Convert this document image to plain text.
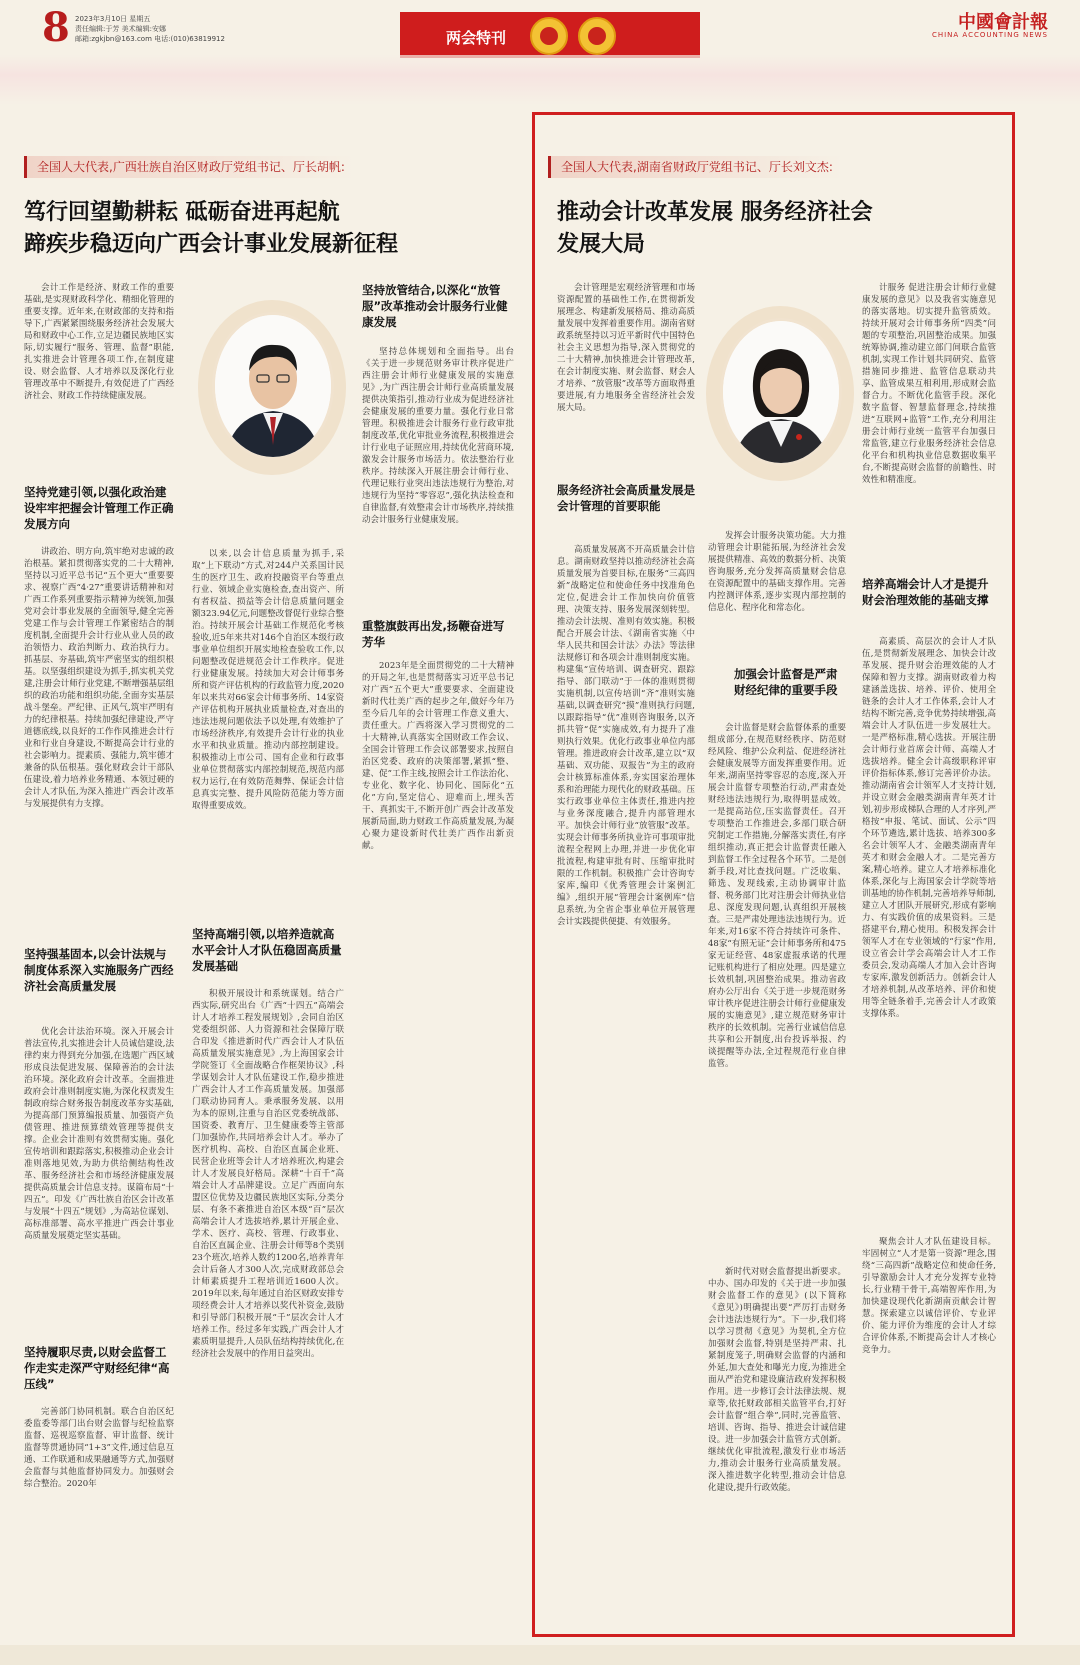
8 2023年3月10日 星期五
责任编辑:于芳 美术编辑:安娜
邮箱:zgkjbn@163.com 电话:(010)63819912	两会特刊
中國會計報
CHINA ACCOUNTING NEWS
全国人大代表,广西壮族自治区财政厅党组书记、厅长胡帆:
笃行回望勤耕耘 砥砺奋进再起航
蹄疾步稳迈向广西会计事业发展新征程
会计工作是经济、财政工作的重要基础,是实现财政科学化、精细化管理的重要支撑。近年来,在财政部的支持和指导下,广西紧紧围绕服务经济社会发展大局和财政中心工作,立足边疆民族地区实际,切实履行“服务、管理、监督”职能,扎实推进会计管理各项工作,在制度建设、财会监督、人才培养以及深化行业管理改革中不断提升,有效促进了广西经济社会、财政工作持续健康发展。
坚持党建引领,以强化政治建设牢牢把握会计管理工作正确发展方向
讲政治、明方向,筑牢绝对忠诚的政治根基。紧扣贯彻落实党的二十大精神,坚持以习近平总书记“五个更大”重要要求、视察广西“4·27”重要讲话精神和对广西工作系列重要指示精神为统领,加强党对会计事业发展的全面领导,健全完善党建工作与会计管理工作紧密结合的制度机制,全面提升会计行业从业人员的政治领悟力、政治判断力、政治执行力。抓基层、夯基础,筑牢严密坚实的组织根基。以坚强组织建设为抓手,抓实机关党建,注册会计师行业党建,不断增强基层组织的政治功能和组织功能,全面夯实基层战斗堡垒。严纪律、正风气,筑牢严明有力的纪律根基。持续加强纪律建设,严守道德底线,以良好的工作作风推进会计行业和行业自身建设,不断提高会计行业的社会影响力。提素质、强能力,筑牢德才兼备的队伍根基。强化财政会计干部队伍建设,着力培养业务精通、本领过硬的会计人才队伍,为深入推进广西会计改革与发展提供有力支撑。
坚持强基固本,以会计法规与制度体系深入实施服务广西经济社会高质量发展
优化会计法治环境。深入开展会计普法宣传,扎实推进会计人员诚信建设,法律约束力得到充分加强,在选题广西区域形成良法促进发展、保障善治的会计法治环境。深化政府会计改革。全面推进政府会计准则制度实施,为深化权责发生制政府综合财务报告制度改革夯实基础,为提高部门预算编报质量、加强资产负债管理、推进预算绩效管理等提供支撑。企业会计准则有效贯彻实施。强化宣传培训和跟踪落实,积极推动企业会计准则落地见效,为助力供给侧结构性改革、服务经济社会和市场经济健康发展提供高质量会计信息支持。谋篇布局“十四五”。印发《广西壮族自治区会计改革与发展“十四五”规划》,为高站位谋划、高标准部署、高水平推进广西会计事业高质量发展奠定坚实基础。
坚持履职尽责,以财会监督工作走实走深严守财经纪律“高压线”
完善部门协同机制。联合自治区纪委监委等部门出台财会监督与纪检监察监督、巡视巡察监督、审计监督、统计监督等贯通协同“1+3”文件,通过信息互通、工作联通和成果融通等方式,加强财会监督与其他监督协同发力。加强财会综合整治。2020年
以来,以会计信息质量为抓手,采取“上下联动”方式,对244户关系国计民生的医疗卫生、政府投融资平台等重点行业、领域企业实施检查,查出资产、所有者权益、损益等会计信息质量问题金额323.94亿元,问题整改督促行业综合整治。持续开展会计基础工作规范化考核验收,近5年来共对146个自治区本级行政事业单位组织开展实地检查验收工作,以问题整改促进规范会计工作秩序。促进行业健康发展。持续加大对会计师事务所和资产评估机构的行政监管力度,2020年以来共对66家会计师事务所、14家资产评估机构开展执业质量检查,对查出的违法违规问题依法予以处理,有效维护了市场经济秩序,有效提升会计行业的执业水平和执业质量。推动内部控制建设。积极推动上市公司、国有企业和行政事业单位贯彻落实内部控制规范,规范内部权力运行,在有效防范舞弊、保证会计信息真实完整、提升风险防范能力等方面取得重要成效。
坚持高端引领,以培养造就高水平会计人才队伍稳固高质量发展基础
积极开展设计和系统谋划。结合广西实际,研究出台《广西“十四五”高端会计人才培养工程发展规划》,会同自治区党委组织部、人力资源和社会保障厅联合印发《推进新时代广西会计人才队伍高质量发展实施意见》,为上海国家会计学院签订《全面战略合作框架协议》,科学谋划会计人才队伍建设工作,稳步推进广西会计人才工作高质量发展。加强部门联动协同育人。秉承服务发展、以用为本的原则,注重与自治区党委统战部、国资委、教育厅、卫生健康委等主管部门加强协作,共同培养会计人才。举办了医疗机构、高校、自治区直属企业班、民营企业班等会计人才培养班次,构建会计人才发展良好格局。深耕“十百千”高端会计人才品牌建设。立足广西面向东盟区位优势及边疆民族地区实际,分类分层、有条不紊推进自治区本级“百”层次高端会计人才选拔培养,累计开展企业、学术、医疗、高校、管理、行政事业、自治区直属企业、注册会计师等8个类别23个班次,培养人数约1200名,培养青年会计后备人才300人次,完成财政部总会计师素质提升工程培训近1600人次。2019年以来,每年通过自治区财政安排专项经费会计人才培养以奖代补资金,鼓励和引导部门积极开展“千”层次会计人才培养工作。经过多年实践,广西会计人才素质明显提升,人员队伍结构持续优化,在经济社会发展中的作用日益突出。
坚持放管结合,以深化“放管服”改革推动会计服务行业健康发展
坚持总体规划和全面指导。出台《关于进一步规范财务审计秩序促进广西注册会计师行业健康发展的实施意见》,为广西注册会计师行业高质量发展提供决策指引,推动行业成为促进经济社会健康发展的重要力量。强化行业日常管理。积极推进会计服务行业行政审批制度改革,优化审批业务流程,积极推进会计行业电子证照应用,持续优化营商环境,激发会计服务市场活力。依法整治行业秩序。持续深入开展注册会计师行业、代理记账行业突出违法违规行为整治,对违规行为坚持“零容忍”,强化执法检查和自律监督,有效整肃会计市场秩序,持续推动会计服务行业健康发展。
重整旗鼓再出发,扬鞭奋进写芳华
2023年是全面贯彻党的二十大精神的开局之年,也是贯彻落实习近平总书记对广西“五个更大”重要要求、全面建设新时代壮美广西的起步之年,做好今年乃至今后几年的会计管理工作意义重大、责任重大。广西将深入学习贯彻党的二十大精神,认真落实全国财政工作会议、全国会计管理工作会议部署要求,按照自治区党委、政府的决策部署,紧抓“整、建、促”工作主线,按照会计工作法治化、专业化、数字化、协同化、国际化“五化”方向,坚定信心、迎难而上,埋头苦干、真抓实干,不断开创广西会计改革发展新局面,助力财政工作高质量发展,为凝心聚力建设新时代壮美广西作出新贡献。
全国人大代表,湖南省财政厅党组书记、厅长刘文杰:
推动会计改革发展 服务经济社会
发展大局
会计管理是宏观经济管理和市场资源配置的基础性工作,在贯彻新发展理念、构建新发展格局、推动高质量发展中发挥着重要作用。湖南省财政系统坚持以习近平新时代中国特色社会主义思想为指导,深入贯彻党的二十大精神,加快推进会计管理改革,在会计制度实施、财会监督、财会人才培养、“放管服”改革等方面取得重要进展,有力地服务全省经济社会发展大局。
服务经济社会高质量发展是会计管理的首要职能
高质量发展离不开高质量会计信息。湖南财政坚持以推动经济社会高质量发展为首要目标,在服务“三高四新”战略定位和使命任务中找准角色定位,促进会计工作加快向价值管理、决策支持、服务发展深刻转型。推动会计法规、准则有效实施。积极配合开展会计法、《湖南省实施〈中华人民共和国会计法〉办法》等法律法规修订和各项会计准则制度实施。构建集“宣传培训、调查研究、跟踪指导、部门联动”于一体的准则贯彻实施机制,以宣传培训“齐”准则实施基础,以调查研究“摸”准则执行问题,以跟踪指导“优”准则咨询服务,以齐抓共管“促”实施成效,有力提升了准则执行效果。优化行政事业单位内部管理。推进政府会计改革,建立以“双基础、双功能、双报告”为主的政府会计核算标准体系,夯实国家治理体系和治理能力现代化的财政基础。压实行政事业单位主体责任,推进内控与业务深度融合,提升内部管理水平。加快会计师行业“放管服”改革。实现会计师事务所执业许可事项审批流程全程网上办理,并进一步优化审批流程,构建审批有时、压缩审批时限的工作机制。积极推广会计咨询专家库,编印《优秀管理会计案例汇编》,组织开展“管理会计案例库”信息系统,为全省企事业单位开展管理会计实践提供便捷、有效服务。
发挥会计服务决策功能。大力推动管理会计职能拓展,为经济社会发展提供精准、高效的数据分析、决策咨询服务,充分发挥高质量财会信息在资源配置中的基础支撑作用。完善内控测评体系,逐步实现内部控制的信息化、程序化和常态化。
加强会计监督是严肃财经纪律的重要手段
会计监督是财会监督体系的重要组成部分,在规范财经秩序、防范财经风险、维护公众利益、促进经济社会健康发展等方面发挥重要作用。近年来,湖南坚持零容忍的态度,深入开展会计监督专项整治行动,严肃查处财经违法违规行为,取得明显成效。一是提高站位,压实监督责任。召开专项整治工作推进会,多部门联合研究制定工作措施,分解落实责任,有序组织推动,真正把会计监督责任融入到监督工作全过程各个环节。二是创新手段,对比查找问题。广泛收集、筛选、发现线索,主动协调审计监督、税务部门比对注册会计师执业信息、深度发现问题,认真组织开展核查。三是严肃处理违法违规行为。近年来,对16家不符合持续许可条件、48家“有照无证”会计师事务所和475家无证经营、48家虚报承诺的代理记账机构进行了相应处理。四是建立长效机制,巩固整治成果。推动省政府办公厅出台《关于进一步规范财务审计秩序促进注册会计师行业健康发展的实施意见》,建立规范财务审计秩序的长效机制。完善行业诚信信息共享和公开制度,出台投诉举报、约谈提醒等办法,全过程规范行业自律监管。
新时代对财会监督提出新要求。中办、国办印发的《关于进一步加强财会监督工作的意见》(以下简称《意见》)明确提出要“严厉打击财务会计违法违规行为”。下一步,我们将以学习贯彻《意见》为契机,全方位加强财会监督,特别是坚持严肃、扎紧制度笼子,明确财会监督的内涵和外延,加大查处和曝光力度,为推进全面从严治党和建设廉洁政府发挥积极作用。进一步修订会计法律法规、规章等,依托财政部相关监管平台,打好会计监督“组合拳”,同时,完善监管、培训、咨询、指导、推进会计诚信建设。进一步加强会计监管方式创新。继续优化审批流程,激发行业市场活力,推动会计服务行业高质量发展。深入推进数字化转型,推动会计信息化建设,提升行政效能。
计服务 促进注册会计师行业健康发展的意见》以及我省实施意见的落实落地。切实提升监管质效。持续开展对会计师事务所“四类”问题的专项整治,巩固整治成果。加强统筹协调,推动建立部门间联合监管机制,实现工作计划共同研究、监管措施同步推进、监管信息联动共享、监管成果互相利用,形成财会监督合力。不断优化监管手段。深化数字监督、智慧监督理念,持续推进“互联网+监管”工作,充分利用注册会计师行业统一监管平台加强日常监管,建立行业服务经济社会信息化平台和机构执业信息数据收集平台,不断提高财会监督的前瞻性、时效性和精准度。
培养高端会计人才是提升财会治理效能的基础支撑
高素质、高层次的会计人才队伍,是贯彻新发展理念、加快会计改革发展、提升财会治理效能的人才保障和智力支撑。湖南财政着力构建涵盖选拔、培养、评价、使用全链条的会计人才工作体系,会计人才结构不断完善,竞争优势持续增强,高端会计人才队伍进一步发展壮大。一是严格标准,精心选拔。开展注册会计师行业首席会计师、高端人才选拔培养。健全会计高级职称评审评价指标体系,修订完善评价办法。推动湖南省会计领军人才支持计划,并设立财会金融类湖南青年英才计划,初步形成梯队合理的人才序列,严格按“申报、笔试、面试、公示”四个环节遴选,累计选拔、培养300多名会计领军人才、金融类湖南青年英才和财会金融人才。二是完善方案,精心培养。建立人才培养标准化体系,深化与上海国家会计学院等培训基地的协作机制,完善培养导师制,建立人才团队开展研究,形成有影响力、有实践价值的成果资料。三是搭建平台,精心使用。积极发挥会计领军人才在专业领域的“行家”作用,设立省会计学会高端会计人才工作委员会,发动高端人才加入会计咨询专家库,激发创新活力。创新会计人才培养机制,从改革培养、评价和使用等全链条着手,完善会计人才政策支撑体系。
聚焦会计人才队伍建设目标。牢固树立“人才是第一资源”理念,围绕“三高四新”战略定位和使命任务,引导激励会计人才充分发挥专业特长,行业精干骨干,高端智库作用,为加快建设现代化新湖南贡献会计智慧。探索建立以诚信评价、专业评价、能力评价为维度的会计人才综合评价体系,不断提高会计人才核心竞争力。
